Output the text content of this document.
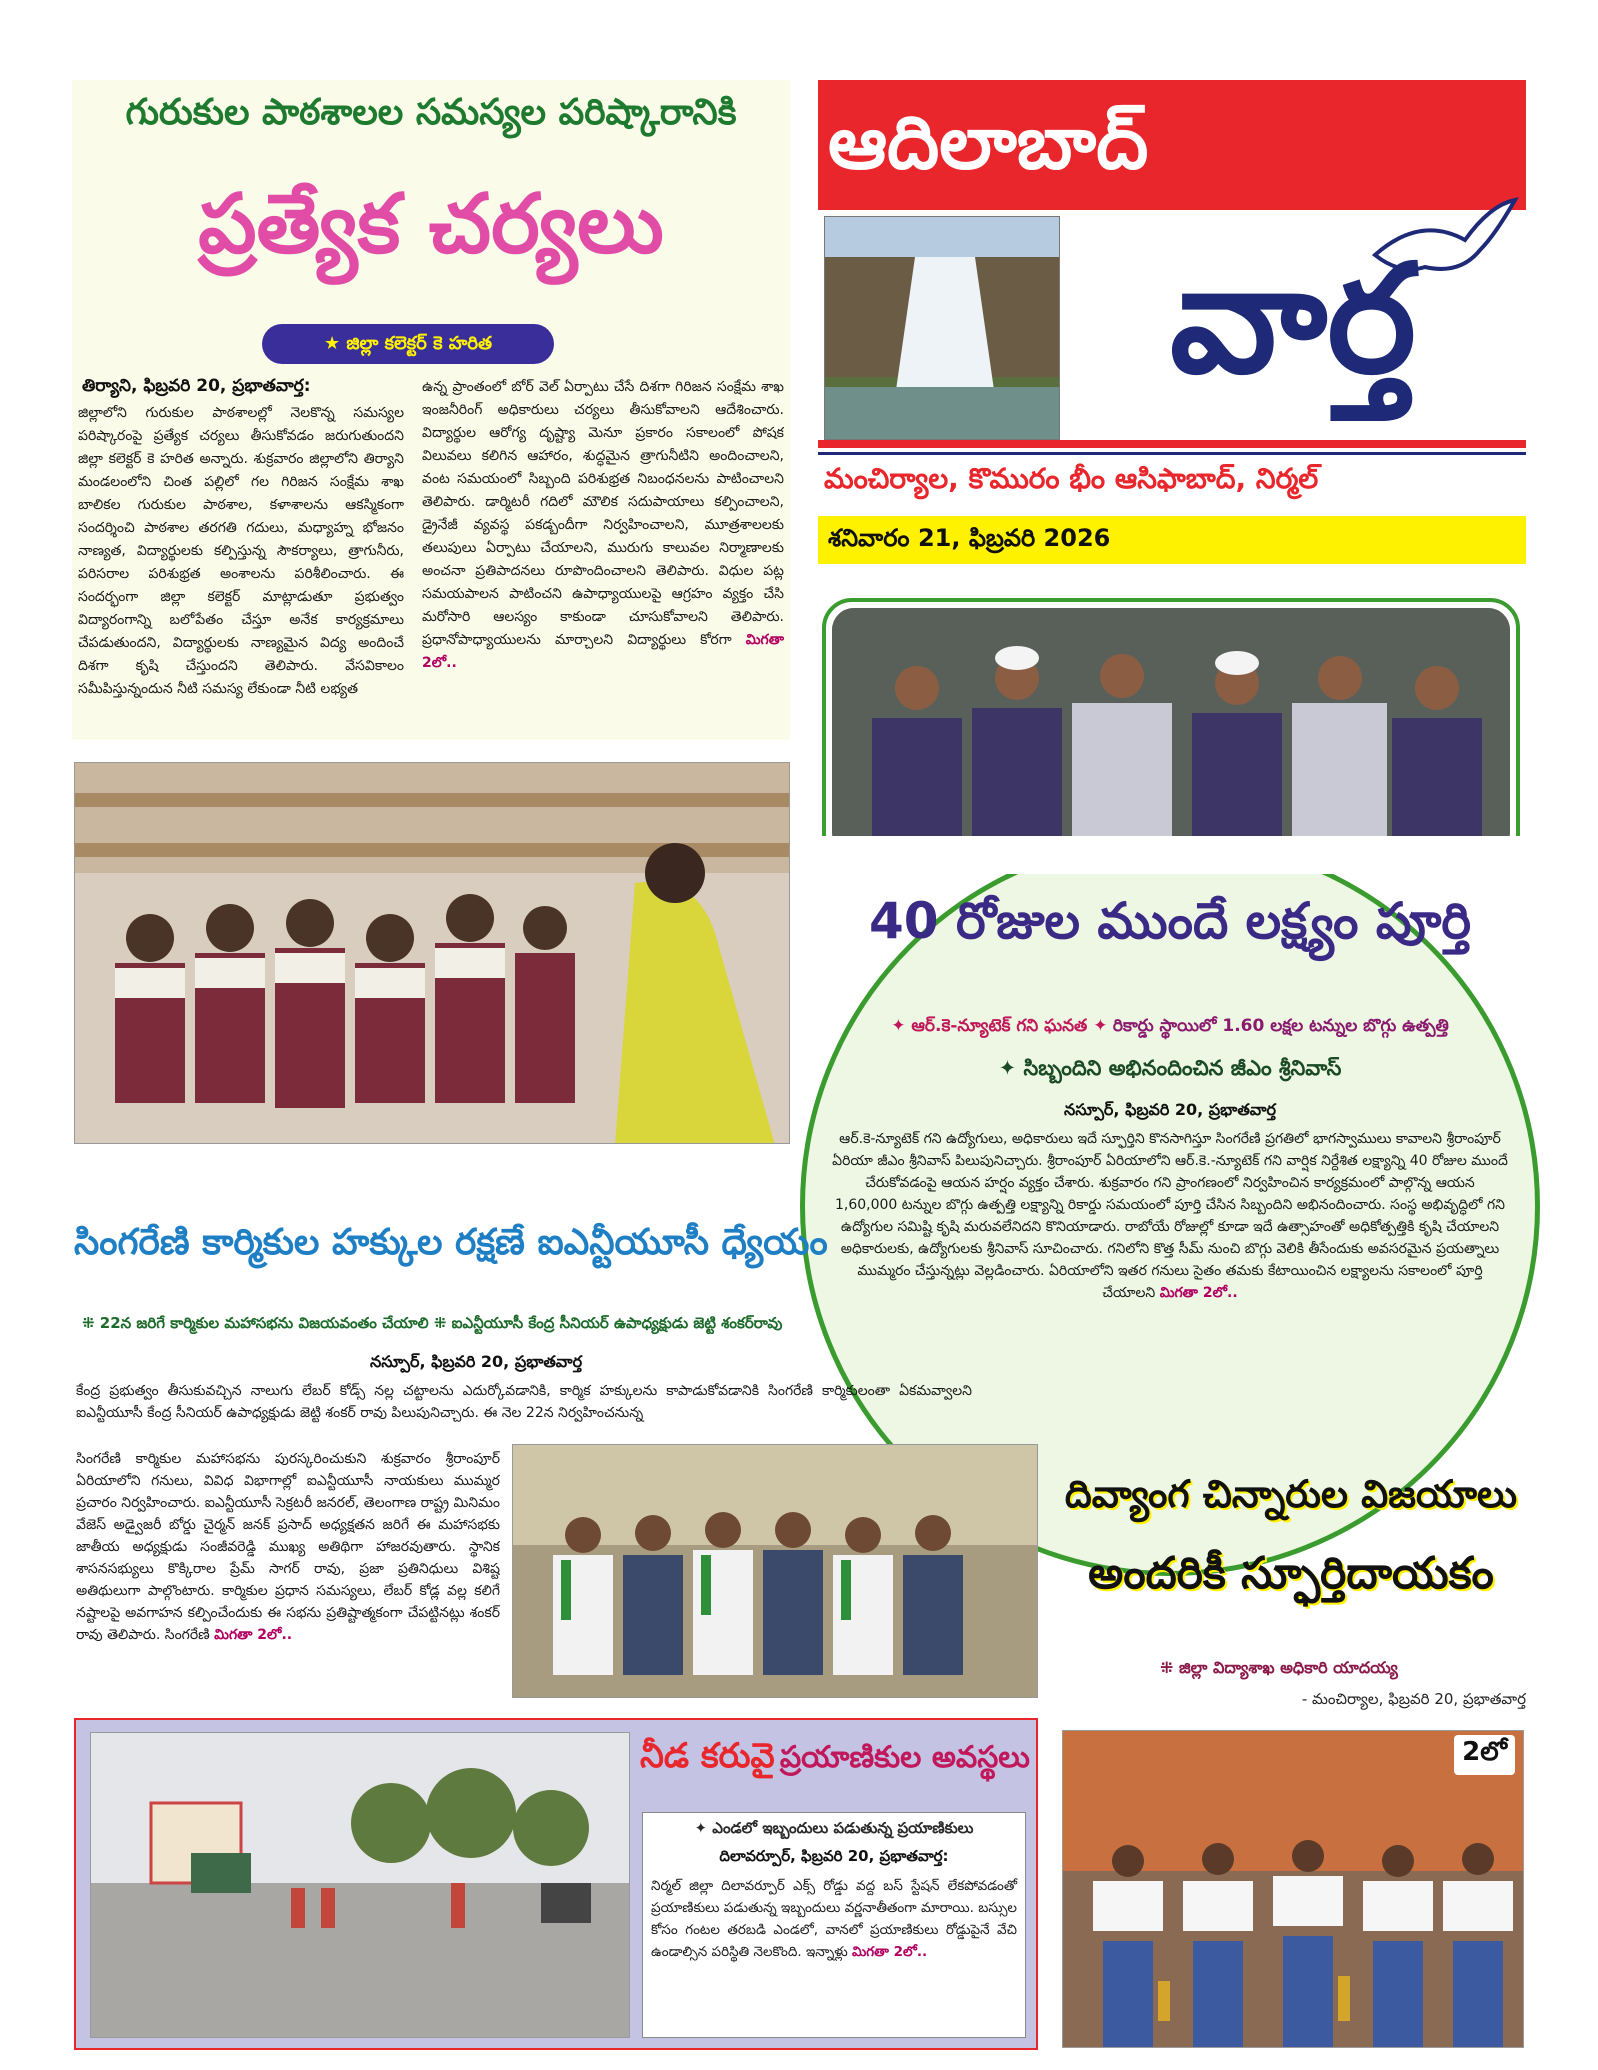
గురుకుల పాఠశాలల సమస్యల పరిష్కారానికి
ప్రత్యేక చర్యలు
★ జిల్లా కలెక్టర్ కె హరిత
తిర్యాని, ఫిబ్రవరి 20, ప్రభాతవార్త:
జిల్లాలోని గురుకుల పాఠశాలల్లో నెలకొన్న సమస్యల పరిష్కారంపై ప్రత్యేక చర్యలు తీసుకోవడం జరుగుతుందని జిల్లా కలెక్టర్ కె హరిత అన్నారు. శుక్రవారం జిల్లాలోని తిర్యాని మండలంలోని చింత పల్లిలో గల గిరిజన సంక్షేమ శాఖ బాలికల గురుకుల పాఠశాల, కళాశాలను ఆకస్మికంగా సందర్శించి పాఠశాల తరగతి గదులు, మధ్యాహ్న భోజనం నాణ్యత, విద్యార్థులకు కల్పిస్తున్న సౌకర్యాలు, త్రాగునీరు, పరిసరాల పరిశుభ్రత అంశాలను పరిశీలించారు. ఈ సందర్భంగా జిల్లా కలెక్టర్ మాట్లాడుతూ ప్రభుత్వం విద్యారంగాన్ని బలోపేతం చేస్తూ అనేక కార్యక్రమాలు చేపడుతుందని, విద్యార్థులకు నాణ్యమైన విద్య అందించే దిశగా కృషి చేస్తుందని తెలిపారు. వేసవికాలం సమీపిస్తున్నందున నీటి సమస్య లేకుండా నీటి లభ్యత
ఉన్న ప్రాంతంలో బోర్ వెల్ ఏర్పాటు చేసే దిశగా గిరిజన సంక్షేమ శాఖ ఇంజనీరింగ్ అధికారులు చర్యలు తీసుకోవాలని ఆదేశించారు. విద్యార్థుల ఆరోగ్య దృష్ట్యా మెనూ ప్రకారం సకాలంలో పోషక విలువలు కలిగిన ఆహారం, శుద్ధమైన త్రాగునీటిని అందించాలని, వంట సమయంలో సిబ్బంది పరిశుభ్రత నిబంధనలను పాటించాలని తెలిపారు. డార్మిటరీ గదిలో మౌలిక సదుపాయాలు కల్పించాలని, డ్రైనేజీ వ్యవస్థ పకడ్బందీగా నిర్వహించాలని, మూత్రశాలలకు తలుపులు ఏర్పాటు చేయాలని, మురుగు కాలువల నిర్మాణాలకు అంచనా ప్రతిపాదనలు రూపొందించాలని తెలిపారు. విధుల పట్ల సమయపాలన పాటించని ఉపాధ్యాయులపై ఆగ్రహం వ్యక్తం చేసి మరోసారి ఆలస్యం కాకుండా చూసుకోవాలని తెలిపారు. ప్రధానోపాధ్యాయులను మార్చాలని విద్యార్థులు కోరగా మిగతా 2లో..
ఆదిలాబాద్
వార్త
మంచిర్యాల, కొమురం భీం ఆసిఫాబాద్, నిర్మల్
శనివారం 21, ఫిబ్రవరి 2026
40 రోజుల ముందే లక్ష్యం పూర్తి
✦ ఆర్.కె-న్యూటెక్ గని ఘనత ✦ రికార్డు స్థాయిలో 1.60 లక్షల టన్నుల బొగ్గు ఉత్పత్తి
✦ సిబ్బందిని అభినందించిన జీఎం శ్రీనివాస్
నస్పూర్, ఫిబ్రవరి 20, ప్రభాతవార్త
ఆర్.కె-న్యూటెక్ గని ఉద్యోగులు, అధికారులు ఇదే స్ఫూర్తిని కొనసాగిస్తూ సింగరేణి ప్రగతిలో భాగస్వాములు కావాలని శ్రీరాంపూర్ ఏరియా జీఎం శ్రీనివాస్ పిలుపునిచ్చారు. శ్రీరాంపూర్ ఏరియాలోని ఆర్.కె.-న్యూటెక్ గని వార్షిక నిర్దేశిత లక్ష్యాన్ని 40 రోజుల ముందే చేరుకోవడంపై ఆయన హర్షం వ్యక్తం చేశారు. శుక్రవారం గని ప్రాంగణంలో నిర్వహించిన కార్యక్రమంలో పాల్గొన్న ఆయన 1,60,000 టన్నుల బొగ్గు ఉత్పత్తి లక్ష్యాన్ని రికార్డు సమయంలో పూర్తి చేసిన సిబ్బందిని అభినందించారు. సంస్థ అభివృద్ధిలో గని ఉద్యోగుల సమిష్టి కృషి మరువలేనిదని కొనియాడారు. రాబోయే రోజుల్లో కూడా ఇదే ఉత్సాహంతో అధికోత్పత్తికి కృషి చేయాలని అధికారులకు, ఉద్యోగులకు శ్రీనివాస్ సూచించారు. గనిలోని కొత్త సీమ్ నుంచి బొగ్గు వెలికి తీసేందుకు అవసరమైన ప్రయత్నాలు ముమ్మరం చేస్తున్నట్లు వెల్లడించారు. ఏరియాలోని ఇతర గనులు సైతం తమకు కేటాయించిన లక్ష్యాలను సకాలంలో పూర్తి చేయాలని మిగతా 2లో..
సింగరేణి కార్మికుల హక్కుల రక్షణే ఐఎన్టీయూసీ ధ్యేయం
⁜ 22న జరిగే కార్మికుల మహాసభను విజయవంతం చేయాలి ⁜ ఐఎన్టీయూసీ కేంద్ర సీనియర్ ఉపాధ్యక్షుడు జెట్టి శంకర్‌రావు
నస్పూర్, ఫిబ్రవరి 20, ప్రభాతవార్త
కేంద్ర ప్రభుత్వం తీసుకువచ్చిన నాలుగు లేబర్ కోడ్స్ నల్ల చట్టాలను ఎదుర్కోవడానికి, కార్మిక హక్కులను కాపాడుకోవడానికి సింగరేణి కార్మికులంతా ఏకమవ్వాలని ఐఎన్టీయూసీ కేంద్ర సీనియర్ ఉపాధ్యక్షుడు జెట్టి శంకర్ రావు పిలుపునిచ్చారు. ఈ నెల 22న నిర్వహించనున్న
సింగరేణి కార్మికుల మహాసభను పురస్కరించుకుని శుక్రవారం శ్రీరాంపూర్ ఏరియాలోని గనులు, వివిధ విభాగాల్లో ఐఎన్టీయూసీ నాయకులు ముమ్మర ప్రచారం నిర్వహించారు. ఐఎన్టీయూసీ సెక్రటరీ జనరల్, తెలంగాణ రాష్ట్ర మినిమం వేజెస్ అడ్వైజరీ బోర్డు చైర్మన్ జనక్ ప్రసాద్ అధ్యక్షతన జరిగే ఈ మహాసభకు జాతీయ అధ్యక్షుడు సంజీవరెడ్డి ముఖ్య అతిథిగా హాజరవుతారు. స్థానిక శాసనసభ్యులు కొక్కిరాల ప్రేమ్ సాగర్ రావు, ప్రజా ప్రతినిధులు విశిష్ట అతిథులుగా పాల్గొంటారు. కార్మికుల ప్రధాన సమస్యలు, లేబర్ కోడ్ల వల్ల కలిగే నష్టాలపై అవగాహన కల్పించేందుకు ఈ సభను ప్రతిష్టాత్మకంగా చేపట్టినట్లు శంకర్ రావు తెలిపారు. సింగరేణి మిగతా 2లో..
దివ్యాంగ చిన్నారుల విజయాలు
అందరికీ స్ఫూర్తిదాయకం
⁜ జిల్లా విద్యాశాఖ అధికారి యాదయ్య
- మంచిర్యాల, ఫిబ్రవరి 20, ప్రభాతవార్త
2లో
నీడ కరువై ప్రయాణికుల అవస్థలు
✦ ఎండలో ఇబ్బందులు పడుతున్న ప్రయాణికులు
దిలావర్పూర్, ఫిబ్రవరి 20, ప్రభాతవార్త:
నిర్మల్ జిల్లా దిలావర్పూర్ ఎక్స్ రోడ్డు వద్ద బస్ స్టేషన్ లేకపోవడంతో ప్రయాణికులు పడుతున్న ఇబ్బందులు వర్ణనాతీతంగా మారాయి. బస్సుల కోసం గంటల తరబడి ఎండలో, వానలో ప్రయాణికులు రోడ్డుపైనే వేచి ఉండాల్సిన పరిస్థితి నెలకొంది. ఇన్నాళ్లు మిగతా 2లో..
